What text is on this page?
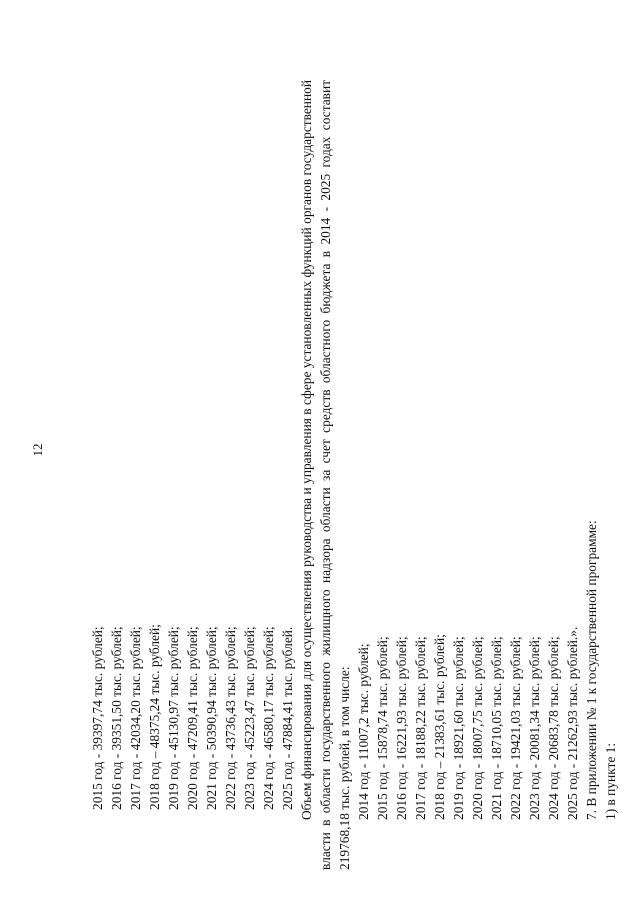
12
2015 год - 39397,74 тыс. рублей; 2016 год - 39351,50 тыс. рублей; 2017 год - 42034,20 тыс. рублей; 2018 год – 48375,24 тыс. рублей; 2019 год - 45130,97 тыс. рублей; 2020 год - 47209,41 тыс. рублей; 2021 год - 50390,94 тыс. рублей; 2022 год - 43736,43 тыс. рублей; 2023 год - 45223,47 тыс. рублей; 2024 год - 46580,17 тыс. рублей; 2025 год - 47884,41 тыс. рублей. Объем финансирования для осуществления руководства и управления в сфере установленных функций органов государственной власти в области государственного жилищного надзора области за счет средств областного бюджета в 2014 - 2025 годах составит 219768,18 тыс. рублей, в том числе: 2014 год - 11007,2 тыс. рублей; 2015 год - 15878,74 тыс. рублей; 2016 год - 16221,93 тыс. рублей; 2017 год - 18188,22 тыс. рублей; 2018 год – 21383,61 тыс. рублей; 2019 год - 18921,60 тыс. рублей; 2020 год - 18007,75 тыс. рублей; 2021 год - 18710,05 тыс. рублей; 2022 год - 19421,03 тыс. рублей; 2023 год - 20081,34 тыс. рублей; 2024 год - 20683,78 тыс. рублей; 2025 год - 21262,93 тыс. рублей.». 7. В приложении № 1 к государственной программе: 1) в пункте 1:
